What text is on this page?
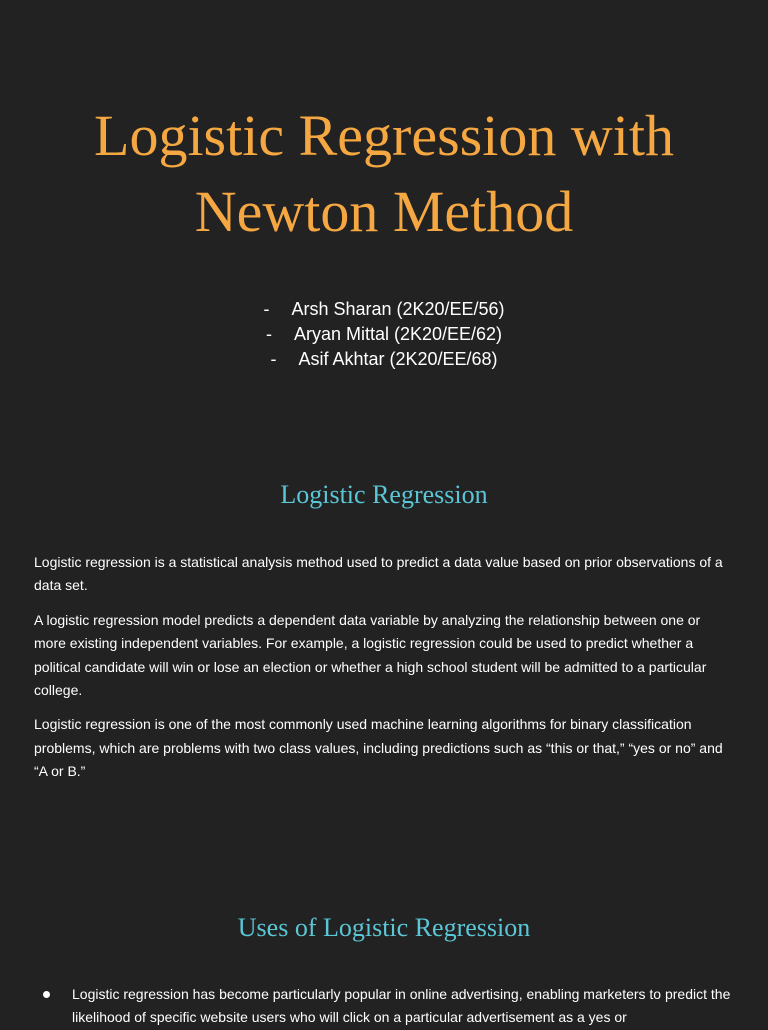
Logistic Regression with
Newton Method
- Arsh Sharan (2K20/EE/56)
- Aryan Mittal (2K20/EE/62)
- Asif Akhtar (2K20/EE/68)
Logistic Regression

Logistic regression is a statistical analysis method used to predict a data value based on prior observations of a data set.

A logistic regression model predicts a dependent data variable by analyzing the relationship between one or more existing independent variables. For example, a logistic regression could be used to predict whether a political candidate will win or lose an election or whether a high school student will be admitted to a particular college.

Logistic regression is one of the most commonly used machine learning algorithms for binary classification problems, which are problems with two class values, including predictions such as “this or that,” “yes or no” and “A or B.”

Uses of Logistic Regression
Logistic regression has become particularly popular in online advertising, enabling marketers to predict the likelihood of specific website users who will click on a particular advertisement as a yes or
